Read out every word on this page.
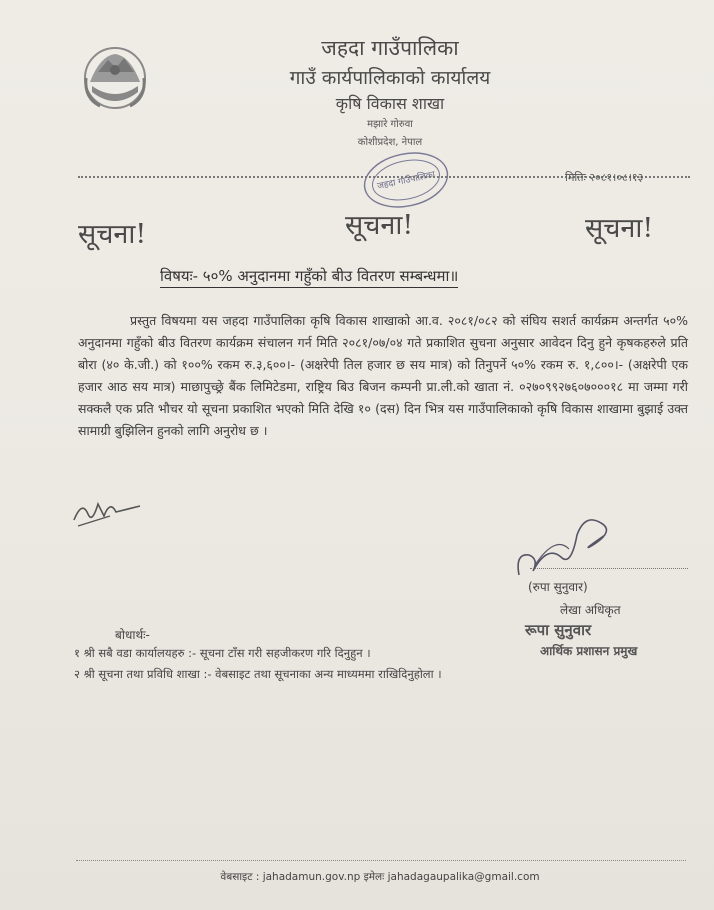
जहदा गाउँपालिका
गाउँ कार्यपालिकाको कार्यालय
कृषि विकास शाखा
मझारे गोरुवा
कोशीप्रदेश, नेपाल
जहदा गाउँपालिका	मितिः २०८१।०८।१३
सूचना!	सूचना!	सूचना!
विषयः- ५०% अनुदानमा गहुँको बीउ वितरण सम्बन्धमा॥
प्रस्तुत विषयमा यस जहदा गाउँपालिका कृषि विकास शाखाको आ.व. २०८१/०८२ को संघिय सशर्त कार्यक्रम अन्तर्गत ५०% अनुदानमा गहुँको बीउ वितरण कार्यक्रम संचालन गर्न मिति २०८१/०७/०४ गते प्रकाशित सुचना अनुसार आवेदन दिनु हुने कृषकहरुले प्रति बोरा (४० के.जी.) को १००% रकम रु.३,६००।- (अक्षरेपी तिल हजार छ सय मात्र) को तिनुपर्ने ५०% रकम रु. १,८००।- (अक्षरेपी एक हजार आठ सय मात्र) माछापुच्छ्रे बैंक लिमिटेडमा, राष्ट्रिय बिउ बिजन कम्पनी प्रा.ली.को खाता नं. ०२७०९९२७६०७०००१८ मा जम्मा गरी सक्कलै एक प्रति भौचर यो सूचना प्रकाशित भएको मिति देखि १० (दस) दिन भित्र यस गाउँपालिकाको कृषि विकास शाखामा बुझाई उक्त सामाग्री बुझिलिन हुनको लागि अनुरोध छ ।
(रुपा सुनुवार)
लेखा अधिकृत
रूपा सुनुवार
आर्थिक प्रशासन प्रमुख
बोधार्थः-
१ श्री सबै वडा कार्यालयहरु :- सूचना टाँस गरी सहजीकरण गरि दिनुहुन ।
२ श्री सूचना तथा प्रविधि शाखा :- वेबसाइट तथा सूचनाका अन्य माध्यममा राखिदिनुहोला ।
वेबसाइट : jahadamun.gov.np इमेलः jahadagaupalika@gmail.com
